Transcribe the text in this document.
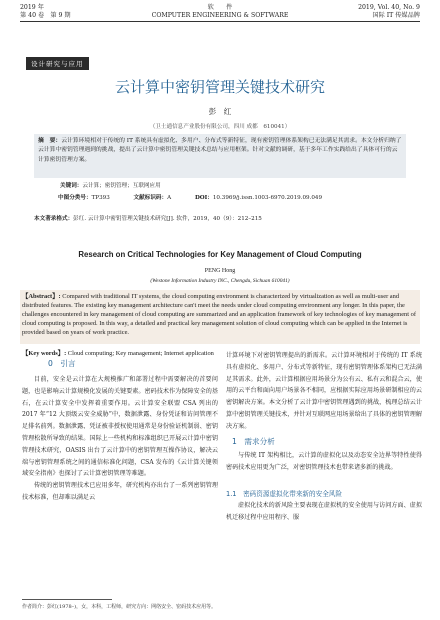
2019 年
第 40 卷　第 9 期
软　　件
COMPUTER ENGINEERING & SOFTWARE
2019, Vol. 40, No. 9
国际 IT 传媒品牌
设计研究与应用
云计算中密钥管理关键技术研究
彭　红
（卫士通信息产业股份有限公司，四川 成都　610041）
摘　要：云计算环境相对于传统的 IT 系统具有虚拟化、多用户、分布式等新特征，现有密钥管理体系架构已无法满足其需求。本文分析归纳了云计算中密钥管理遇到的挑战，提出了云计算中密钥管理关键技术总结与应用框架。针对文献的调研，基于多年工作实践给出了具体可行的云计算密钥管理方案。
关键词：云计算；密钥管理；互联网应用
中图分类号：TP393	文献标识码：A	DOI：10.3969/j.issn.1003-6970.2019.09.049
本文著录格式：彭红. 云计算中密钥管理关键技术研究[J]. 软件，2019，40（9）：212–215
Research on Critical Technologies for Key Management of Cloud Computing
PENG Hong
(Westone Information Industry INC., Chengdu, Sichuan 610041)
【Abstract】: Compared with traditional IT systems, the cloud computing environment is characterized by virtualization as well as multi-user and distributed features. The existing key management architecture can't meet the needs under cloud computing environment any longer. In this paper, the challenges encountered in key management of cloud computing are summarized and an application framework of key technologies of key management of cloud computing is proposed. In this way, a detailed and practical key management solution of cloud computing which can be applied in the Internet is provided based on years of work practice.
【Key words】: Cloud computing; Key management; Internet application
0　引言

目前，安全是云计算在大规模推广和部署过程中需要解决的首要问题，也是影响云计算规模化发展的关键要素。密码技术作为保障安全的基石，在云计算安全中发挥着重要作用。云计算安全联盟 CSA 列出的 2017 年“12 大顶级云安全威胁”中，数据泄露、身份凭证和访问管理不足排名前列。数据泄露、凭证被非授权使用通常是身份验证机制弱、密钥管理松散所导致的结果。国际上一些机构和标准组织已开展云计算中密钥管理技术研究，OASIS 出台了云计算中的密钥管理互操作协议，解决云端与密钥管理系统之间的通信标准化问题，CSA 发布的《云计算关键领域安全指南》也探讨了云计算密钥管理等难题。

传统的密钥管理技术已应用多年，研究机构亦出台了一系列密钥管理技术标准，但却难以满足云

计算环境下对密钥管理提出的新需求。云计算环境相对于传统的 IT 系统具有虚拟化、多用户、分布式等新特征，现有密钥管理体系架构已无法满足其需求。此外，云计算根据应用场景分为公有云、私有云和混合云，使用的云平台和面向用户场景各不相同，应根据实际应用场景研制相应的云密钥解决方案。本文分析了云计算中密钥管理遇到的挑战，梳理总结云计算中密钥管理关键技术，并针对互联网应用场景给出了具体的密钥管理解决方案。

1　需求分析

与传统 IT 架构相比，云计算的虚拟化以及动态安全边界等特性使得密码技术应用更为广泛，对密钥管理技术也带来诸多新的挑战。

1.1　密码资源虚拟化带来新的安全风险

虚拟化技术的新风险主要表现在虚拟机的安全使用与访问方面、虚拟机迁移过程中应用程序、服

作者简介：彭红(1978–)，女，本科，工程师，研究方向：网络安全、密码技术应用等。
